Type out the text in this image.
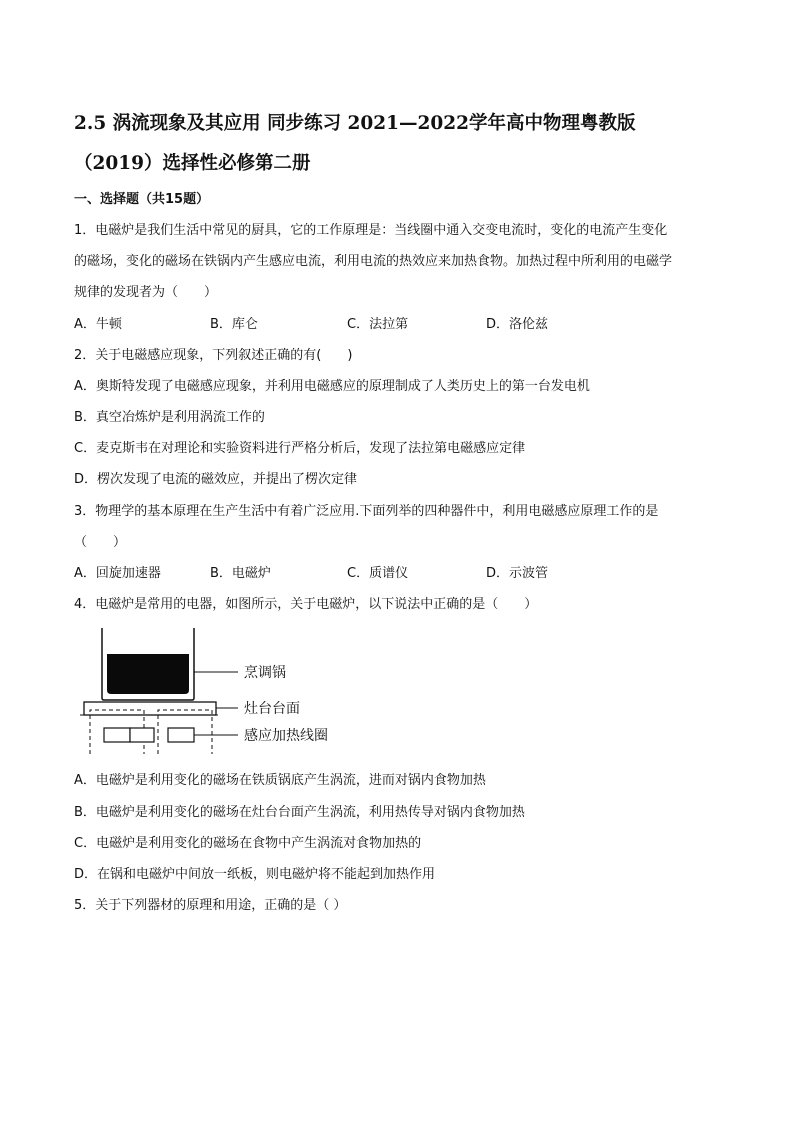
2.5 涡流现象及其应用 同步练习 2021—2022学年高中物理粤教版
（2019）选择性必修第二册
一、选择题（共15题）
1．电磁炉是我们生活中常见的厨具，它的工作原理是：当线圈中通入交变电流时，变化的电流产生变化
的磁场，变化的磁场在铁锅内产生感应电流，利用电流的热效应来加热食物。加热过程中所利用的电磁学
规律的发现者为（　　）
A．牛顿	B．库仑	C．法拉第	D．洛伦兹
2．关于电磁感应现象，下列叙述正确的有(　　)
A．奥斯特发现了电磁感应现象，并利用电磁感应的原理制成了人类历史上的第一台发电机
B．真空冶炼炉是利用涡流工作的
C．麦克斯韦在对理论和实验资料进行严格分析后，发现了法拉第电磁感应定律
D．楞次发现了电流的磁效应，并提出了楞次定律
3．物理学的基本原理在生产生活中有着广泛应用.下面列举的四种器件中，利用电磁感应原理工作的是
（　　）
A．回旋加速器	B．电磁炉	C．质谱仪	D．示波管
4．电磁炉是常用的电器，如图所示，关于电磁炉，以下说法中正确的是（　　）
烹调锅
灶台台面
感应加热线圈
A．电磁炉是利用变化的磁场在铁质锅底产生涡流，进而对锅内食物加热
B．电磁炉是利用变化的磁场在灶台台面产生涡流，利用热传导对锅内食物加热
C．电磁炉是利用变化的磁场在食物中产生涡流对食物加热的
D．在锅和电磁炉中间放一纸板，则电磁炉将不能起到加热作用
5．关于下列器材的原理和用途，正确的是（ ）
